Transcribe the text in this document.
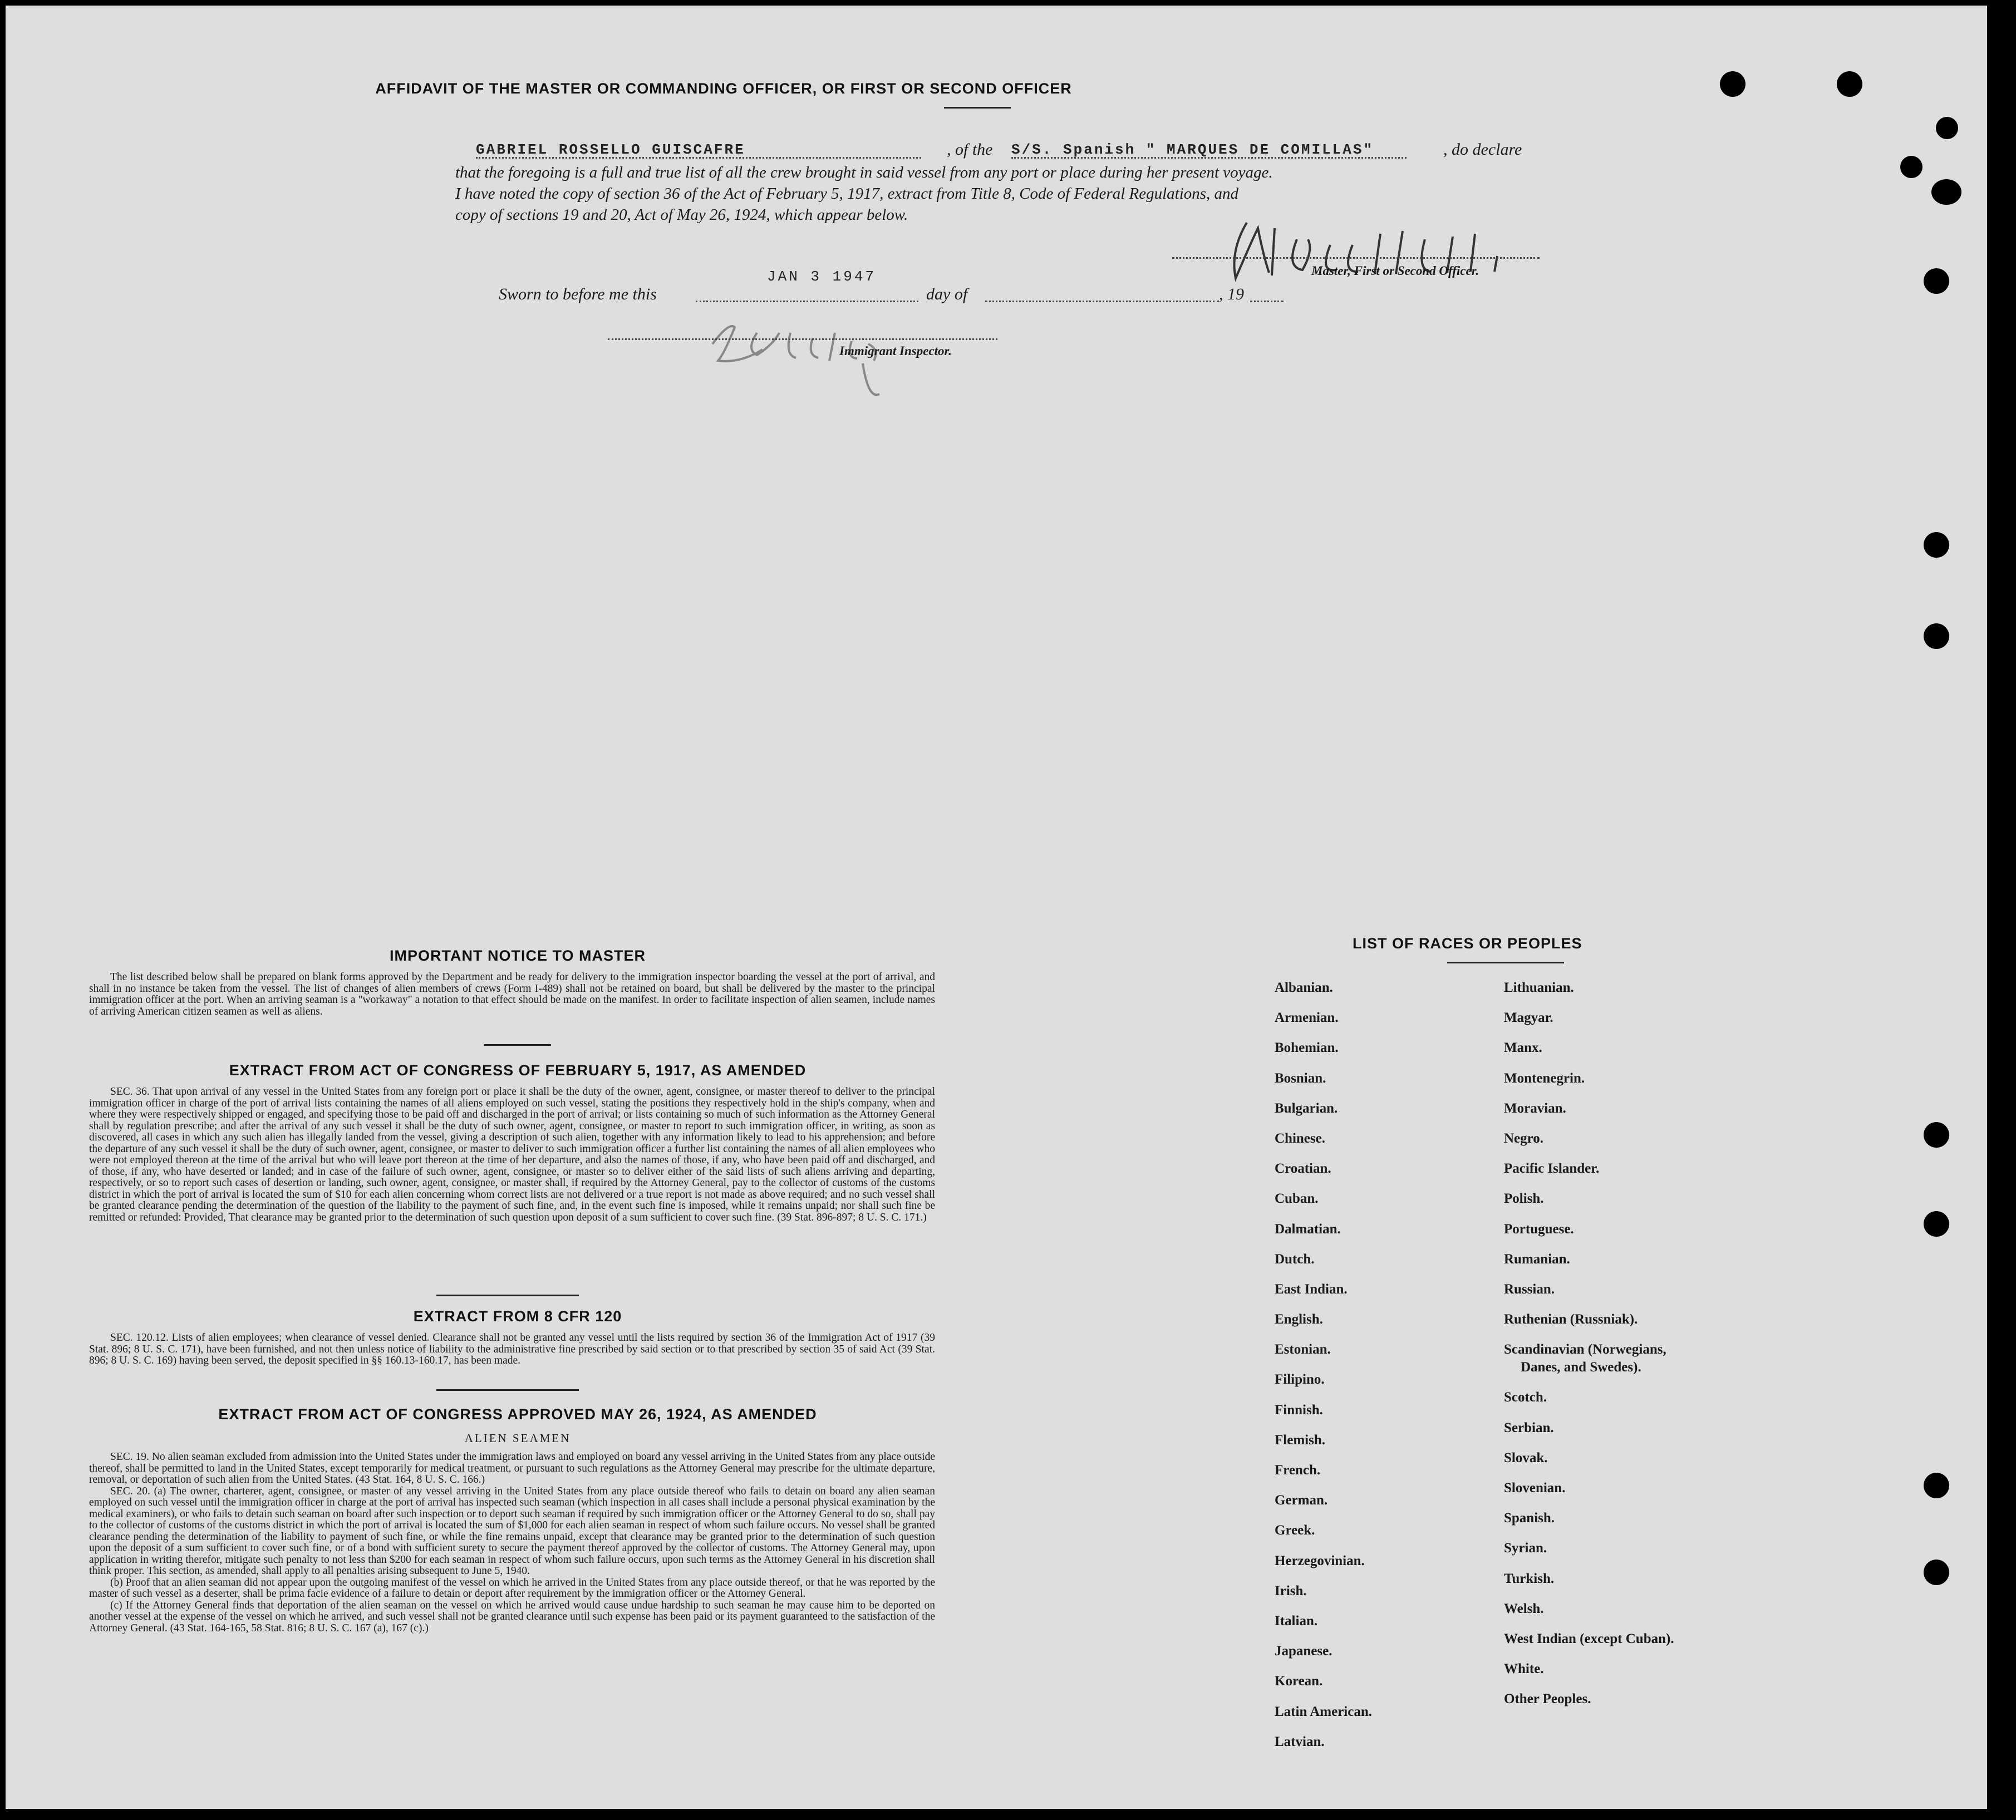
AFFIDAVIT OF THE MASTER OR COMMANDING OFFICER, OR FIRST OR SECOND OFFICER
GABRIEL ROSSELLO GUISCAFRE	, of the S/S. Spanish " MARQUES DE COMILLAS"	, do declare
that the foregoing is a full and true list of all the crew brought in said vessel from any port or place during her present voyage.
I have noted the copy of section 36 of the Act of February 5, 1917, extract from Title 8, Code of Federal Regulations, and
copy of sections 19 and 20, Act of May 26, 1924, which appear below.
Master, First or Second Officer.
Sworn to before me this
JAN 3 1947
day of	, 19
Immigrant Inspector.
IMPORTANT NOTICE TO MASTER

The list described below shall be prepared on blank forms approved by the Department and be ready for delivery to the immigration inspector boarding the vessel at the port of arrival, and shall in no instance be taken from the vessel. The list of changes of alien members of crews (Form I-489) shall not be retained on board, but shall be delivered by the master to the principal immigration officer at the port. When an arriving seaman is a "workaway" a notation to that effect should be made on the manifest. In order to facilitate inspection of alien seamen, include names of arriving American citizen seamen as well as aliens.

EXTRACT FROM ACT OF CONGRESS OF FEBRUARY 5, 1917, AS AMENDED

SEC. 36. That upon arrival of any vessel in the United States from any foreign port or place it shall be the duty of the owner, agent, consignee, or master thereof to deliver to the principal immigration officer in charge of the port of arrival lists containing the names of all aliens employed on such vessel, stating the positions they respectively hold in the ship's company, when and where they were respectively shipped or engaged, and specifying those to be paid off and discharged in the port of arrival; or lists containing so much of such information as the Attorney General shall by regulation prescribe; and after the arrival of any such vessel it shall be the duty of such owner, agent, consignee, or master to report to such immigration officer, in writing, as soon as discovered, all cases in which any such alien has illegally landed from the vessel, giving a description of such alien, together with any information likely to lead to his apprehension; and before the departure of any such vessel it shall be the duty of such owner, agent, consignee, or master to deliver to such immigration officer a further list containing the names of all alien employees who were not employed thereon at the time of the arrival but who will leave port thereon at the time of her departure, and also the names of those, if any, who have been paid off and discharged, and of those, if any, who have deserted or landed; and in case of the failure of such owner, agent, consignee, or master so to deliver either of the said lists of such aliens arriving and departing, respectively, or so to report such cases of desertion or landing, such owner, agent, consignee, or master shall, if required by the Attorney General, pay to the collector of customs of the customs district in which the port of arrival is located the sum of $10 for each alien concerning whom correct lists are not delivered or a true report is not made as above required; and no such vessel shall be granted clearance pending the determination of the question of the liability to the payment of such fine, and, in the event such fine is imposed, while it remains unpaid; nor shall such fine be remitted or refunded: Provided, That clearance may be granted prior to the determination of such question upon deposit of a sum sufficient to cover such fine. (39 Stat. 896-897; 8 U. S. C. 171.)

EXTRACT FROM 8 CFR 120

SEC. 120.12. Lists of alien employees; when clearance of vessel denied. Clearance shall not be granted any vessel until the lists required by section 36 of the Immigration Act of 1917 (39 Stat. 896; 8 U. S. C. 171), have been furnished, and not then unless notice of liability to the administrative fine prescribed by said section or to that prescribed by section 35 of said Act (39 Stat. 896; 8 U. S. C. 169) having been served, the deposit specified in §§ 160.13-160.17, has been made.

EXTRACT FROM ACT OF CONGRESS APPROVED MAY 26, 1924, AS AMENDED
ALIEN SEAMEN

SEC. 19. No alien seaman excluded from admission into the United States under the immigration laws and employed on board any vessel arriving in the United States from any place outside thereof, shall be permitted to land in the United States, except temporarily for medical treatment, or pursuant to such regulations as the Attorney General may prescribe for the ultimate departure, removal, or deportation of such alien from the United States. (43 Stat. 164, 8 U. S. C. 166.)

SEC. 20. (a) The owner, charterer, agent, consignee, or master of any vessel arriving in the United States from any place outside thereof who fails to detain on board any alien seaman employed on such vessel until the immigration officer in charge at the port of arrival has inspected such seaman (which inspection in all cases shall include a personal physical examination by the medical examiners), or who fails to detain such seaman on board after such inspection or to deport such seaman if required by such immigration officer or the Attorney General to do so, shall pay to the collector of customs of the customs district in which the port of arrival is located the sum of $1,000 for each alien seaman in respect of whom such failure occurs. No vessel shall be granted clearance pending the determination of the liability to payment of such fine, or while the fine remains unpaid, except that clearance may be granted prior to the determination of such question upon the deposit of a sum sufficient to cover such fine, or of a bond with sufficient surety to secure the payment thereof approved by the collector of customs. The Attorney General may, upon application in writing therefor, mitigate such penalty to not less than $200 for each seaman in respect of whom such failure occurs, upon such terms as the Attorney General in his discretion shall think proper. This section, as amended, shall apply to all penalties arising subsequent to June 5, 1940.

(b) Proof that an alien seaman did not appear upon the outgoing manifest of the vessel on which he arrived in the United States from any place outside thereof, or that he was reported by the master of such vessel as a deserter, shall be prima facie evidence of a failure to detain or deport after requirement by the immigration officer or the Attorney General.

(c) If the Attorney General finds that deportation of the alien seaman on the vessel on which he arrived would cause undue hardship to such seaman he may cause him to be deported on another vessel at the expense of the vessel on which he arrived, and such vessel shall not be granted clearance until such expense has been paid or its payment guaranteed to the satisfaction of the Attorney General. (43 Stat. 164-165, 58 Stat. 816; 8 U. S. C. 167 (a), 167 (c).)

LIST OF RACES OR PEOPLES
Albanian.
Armenian.
Bohemian.
Bosnian.
Bulgarian.
Chinese.
Croatian.
Cuban.
Dalmatian.
Dutch.
East Indian.
English.
Estonian.
Filipino.
Finnish.
Flemish.
French.
German.
Greek.
Herzegovinian.
Irish.
Italian.
Japanese.
Korean.
Latin American.
Latvian.
Lithuanian.
Magyar.
Manx.
Montenegrin.
Moravian.
Negro.
Pacific Islander.
Polish.
Portuguese.
Rumanian.
Russian.
Ruthenian (Russniak).
Scandinavian (Norwegians,
Danes, and Swedes).
Scotch.
Serbian.
Slovak.
Slovenian.
Spanish.
Syrian.
Turkish.
Welsh.
West Indian (except Cuban).
White.
Other Peoples.
